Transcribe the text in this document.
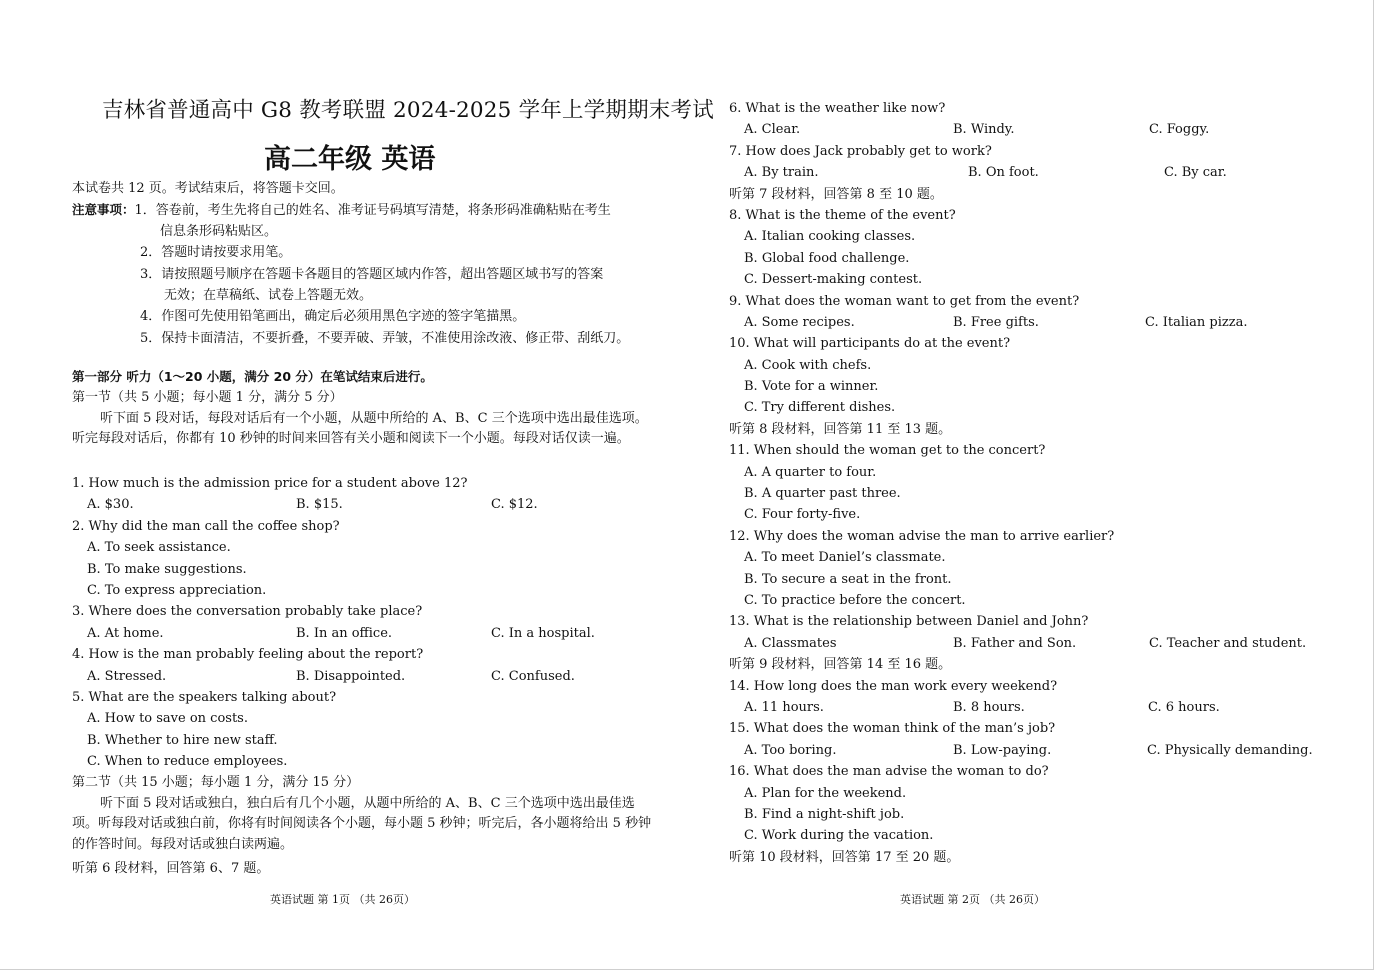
吉林省普通高中 G8 教考联盟 2024-2025 学年上学期期末考试
高二年级 英语
本试卷共 12 页。考试结束后，将答题卡交回。
注意事项：1．答卷前，考生先将自己的姓名、准考证号码填写清楚，将条形码准确粘贴在考生
信息条形码粘贴区。
2．答题时请按要求用笔。
3．请按照题号顺序在答题卡各题目的答题区域内作答，超出答题区域书写的答案
无效；在草稿纸、试卷上答题无效。
4．作图可先使用铅笔画出，确定后必须用黑色字迹的签字笔描黑。
5．保持卡面清洁，不要折叠，不要弄破、弄皱，不准使用涂改液、修正带、刮纸刀。
第一部分 听力（1～20 小题，满分 20 分）在笔试结束后进行。
第一节（共 5 小题；每小题 1 分，满分 5 分）
听下面 5 段对话，每段对话后有一个小题，从题中所给的 A、B、C 三个选项中选出最佳选项。听完每段对话后，你都有 10 秒钟的时间来回答有关小题和阅读下一个小题。每段对话仅读一遍。
1. How much is the admission price for a student above 12?
A. $30.	B. $15.	C. $12.
2. Why did the man call the coffee shop?
A. To seek assistance.
B. To make suggestions.
C. To express appreciation.
3. Where does the conversation probably take place?
A. At home.	B. In an office.	C. In a hospital.
4. How is the man probably feeling about the report?
A. Stressed.	B. Disappointed.	C. Confused.
5. What are the speakers talking about?
A. How to save on costs.
B. Whether to hire new staff.
C. When to reduce employees.
第二节（共 15 小题；每小题 1 分，满分 15 分）
听下面 5 段对话或独白，独白后有几个小题，从题中所给的 A、B、C 三个选项中选出最佳选项。听每段对话或独白前，你将有时间阅读各个小题，每小题 5 秒钟；听完后，各小题将给出 5 秒钟的作答时间。每段对话或独白读两遍。
听第 6 段材料，回答第 6、7 题。
英语试题 第 1页 （共 26页）
6. What is the weather like now?
A. Clear.	B. Windy.	C. Foggy.
7. How does Jack probably get to work?
A. By train.	B. On foot.	C. By car.
听第 7 段材料，回答第 8 至 10 题。
8. What is the theme of the event?
A. Italian cooking classes.
B. Global food challenge.
C. Dessert-making contest.
9. What does the woman want to get from the event?
A. Some recipes.	B. Free gifts.	C. Italian pizza.
10. What will participants do at the event?
A. Cook with chefs.
B. Vote for a winner.
C. Try different dishes.
听第 8 段材料，回答第 11 至 13 题。
11. When should the woman get to the concert?
A. A quarter to four.
B. A quarter past three.
C. Four forty-five.
12. Why does the woman advise the man to arrive earlier?
A. To meet Daniel’s classmate.
B. To secure a seat in the front.
C. To practice before the concert.
13. What is the relationship between Daniel and John?
A. Classmates	B. Father and Son.	C. Teacher and student.
听第 9 段材料，回答第 14 至 16 题。
14. How long does the man work every weekend?
A. 11 hours.	B. 8 hours.	C. 6 hours.
15. What does the woman think of the man’s job?
A. Too boring.	B. Low-paying.	C. Physically demanding.
16. What does the man advise the woman to do?
A. Plan for the weekend.
B. Find a night-shift job.
C. Work during the vacation.
听第 10 段材料，回答第 17 至 20 题。
英语试题 第 2页 （共 26页）
